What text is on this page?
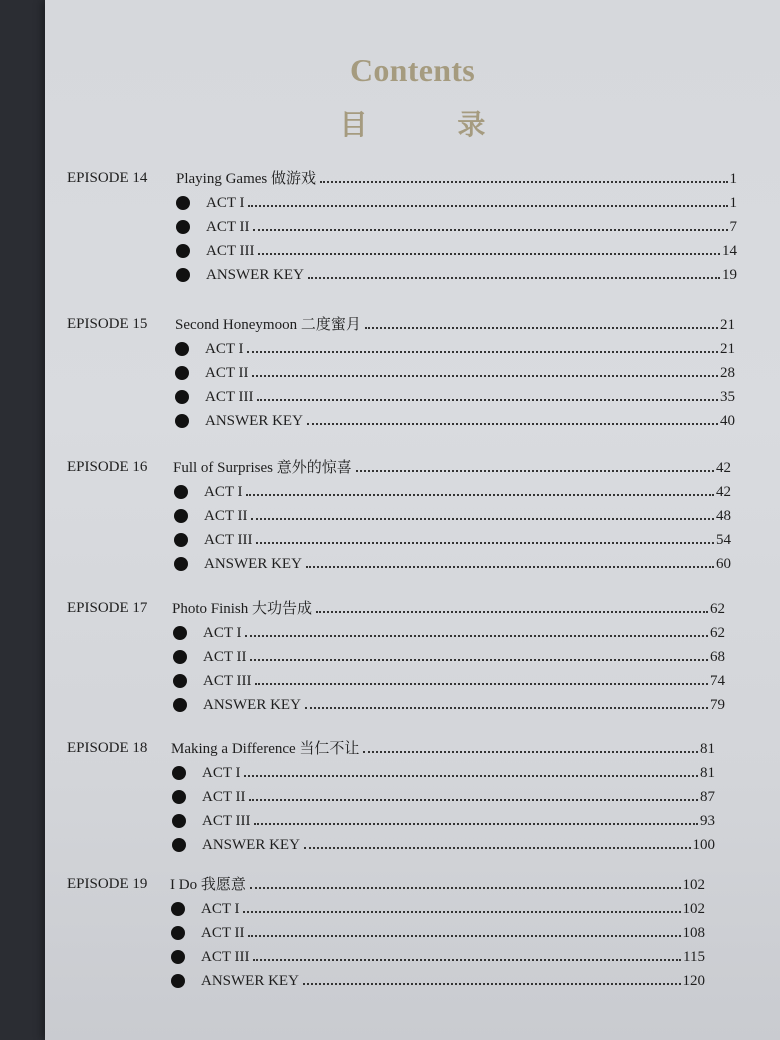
Contents
目 录
EPISODE 14 Playing Games 做游戏	1
ACT I	1
ACT II	7
ACT III	14
ANSWER KEY	19
EPISODE 15 Second Honeymoon 二度蜜月	21
ACT I	21
ACT II	28
ACT III	35
ANSWER KEY	40
EPISODE 16 Full of Surprises 意外的惊喜	42
ACT I	42
ACT II	48
ACT III	54
ANSWER KEY	60
EPISODE 17 Photo Finish 大功告成	62
ACT I	62
ACT II	68
ACT III	74
ANSWER KEY	79
EPISODE 18 Making a Difference 当仁不让	81
ACT I	81
ACT II	87
ACT III	93
ANSWER KEY	100
EPISODE 19 I Do 我愿意	102
ACT I	102
ACT II	108
ACT III	115
ANSWER KEY	120
